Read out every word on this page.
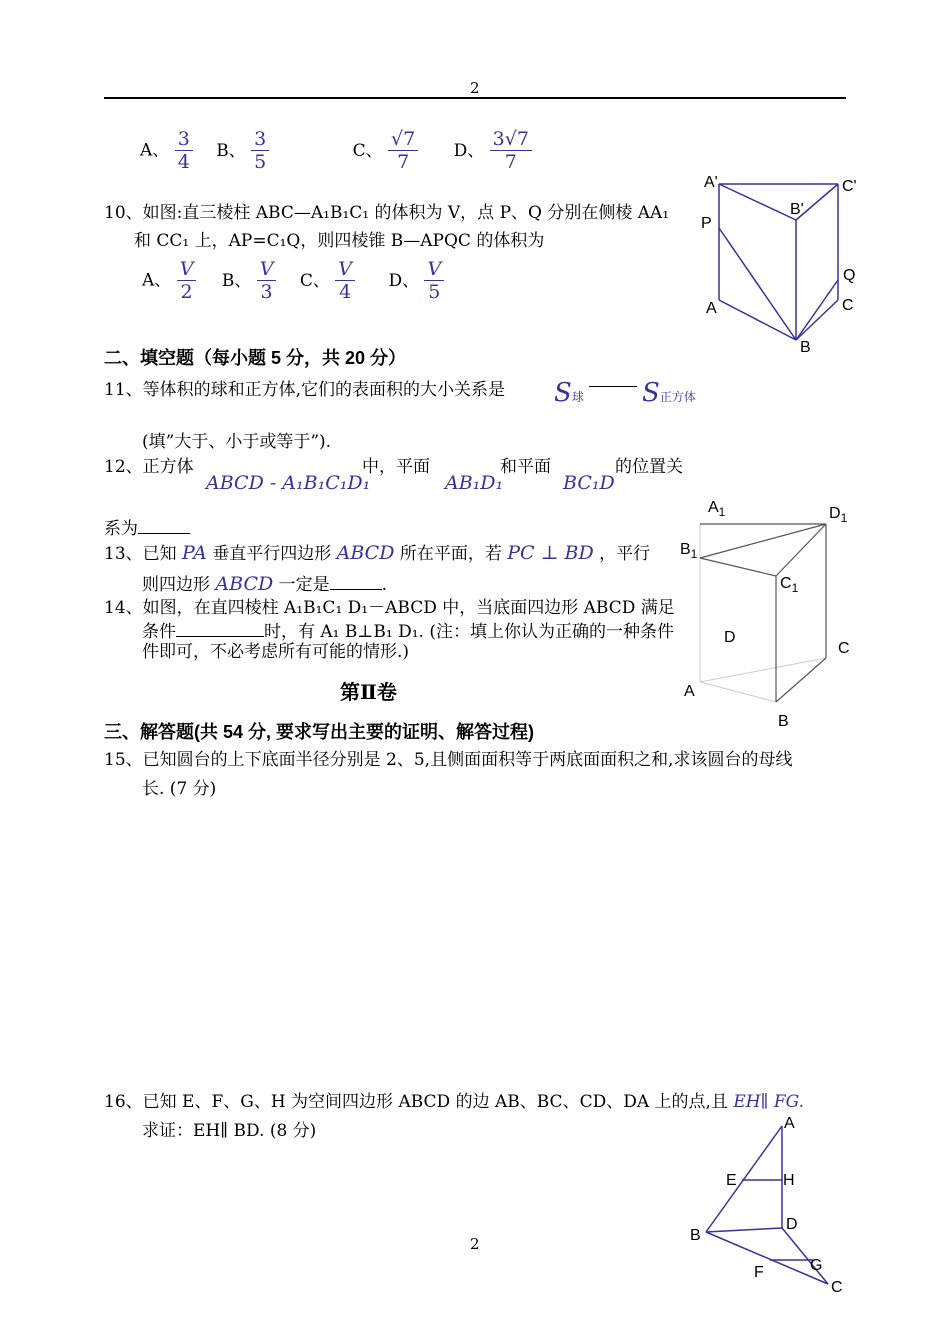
2
A、 $\frac{3}{4}$ B、 $\frac{3}{5}$	C、 $\frac{√7}{7}$ D、 $\frac{3√7}{7}$
10、如图:直三棱柱 ABC—A₁B₁C₁ 的体积为 V，点 P、Q 分别在侧棱 AA₁
和 CC₁ 上，AP=C₁Q，则四棱锥 B—APQC 的体积为
A、 $\frac{V}{2}$ B、 $\frac{V}{3}$ C、 $\frac{V}{4}$ D、 $\frac{V}{5}$
A'	C'
B'
P
Q
A	C
B
二、填空题（每小题 5 分，共 20 分）
11、等体积的球和正方体,它们的表面积的大小关系是 S球 S正方体
(填”大于、小于或等于”).
12、正方体
ABCD - A₁B₁C₁D₁
中，平面
AB₁D₁
和平面
BC₁D
的位置关
系为
13、已知 PA 垂直平行四边形 ABCD 所在平面，若 PC ⊥ BD ，平行
则四边形 ABCD 一定是	.
14、如图，在直四棱柱 A₁B₁C₁ D₁－ABCD 中，当底面四边形 ABCD 满足
条件	时，有 A₁ B⊥B₁ D₁. (注：填上你认为正确的一种条件
件即可，不必考虑所有可能的情形.)
$A_1$	$D_1$
$B_1$
$C_1$
D
C
A
B
第Ⅱ卷
三、解答题(共 54 分, 要求写出主要的证明、解答过程)
15、已知圆台的上下底面半径分别是 2、5,且侧面面积等于两底面面积之和,求该圆台的母线
长. (7 分)
16、已知 E、F、G、H 为空间四边形 ABCD 的边 AB、BC、CD、DA 上的点,且 EH∥ FG.
求证：EH∥ BD. (8 分)	A
E	H
B
D
F	G
C
2
